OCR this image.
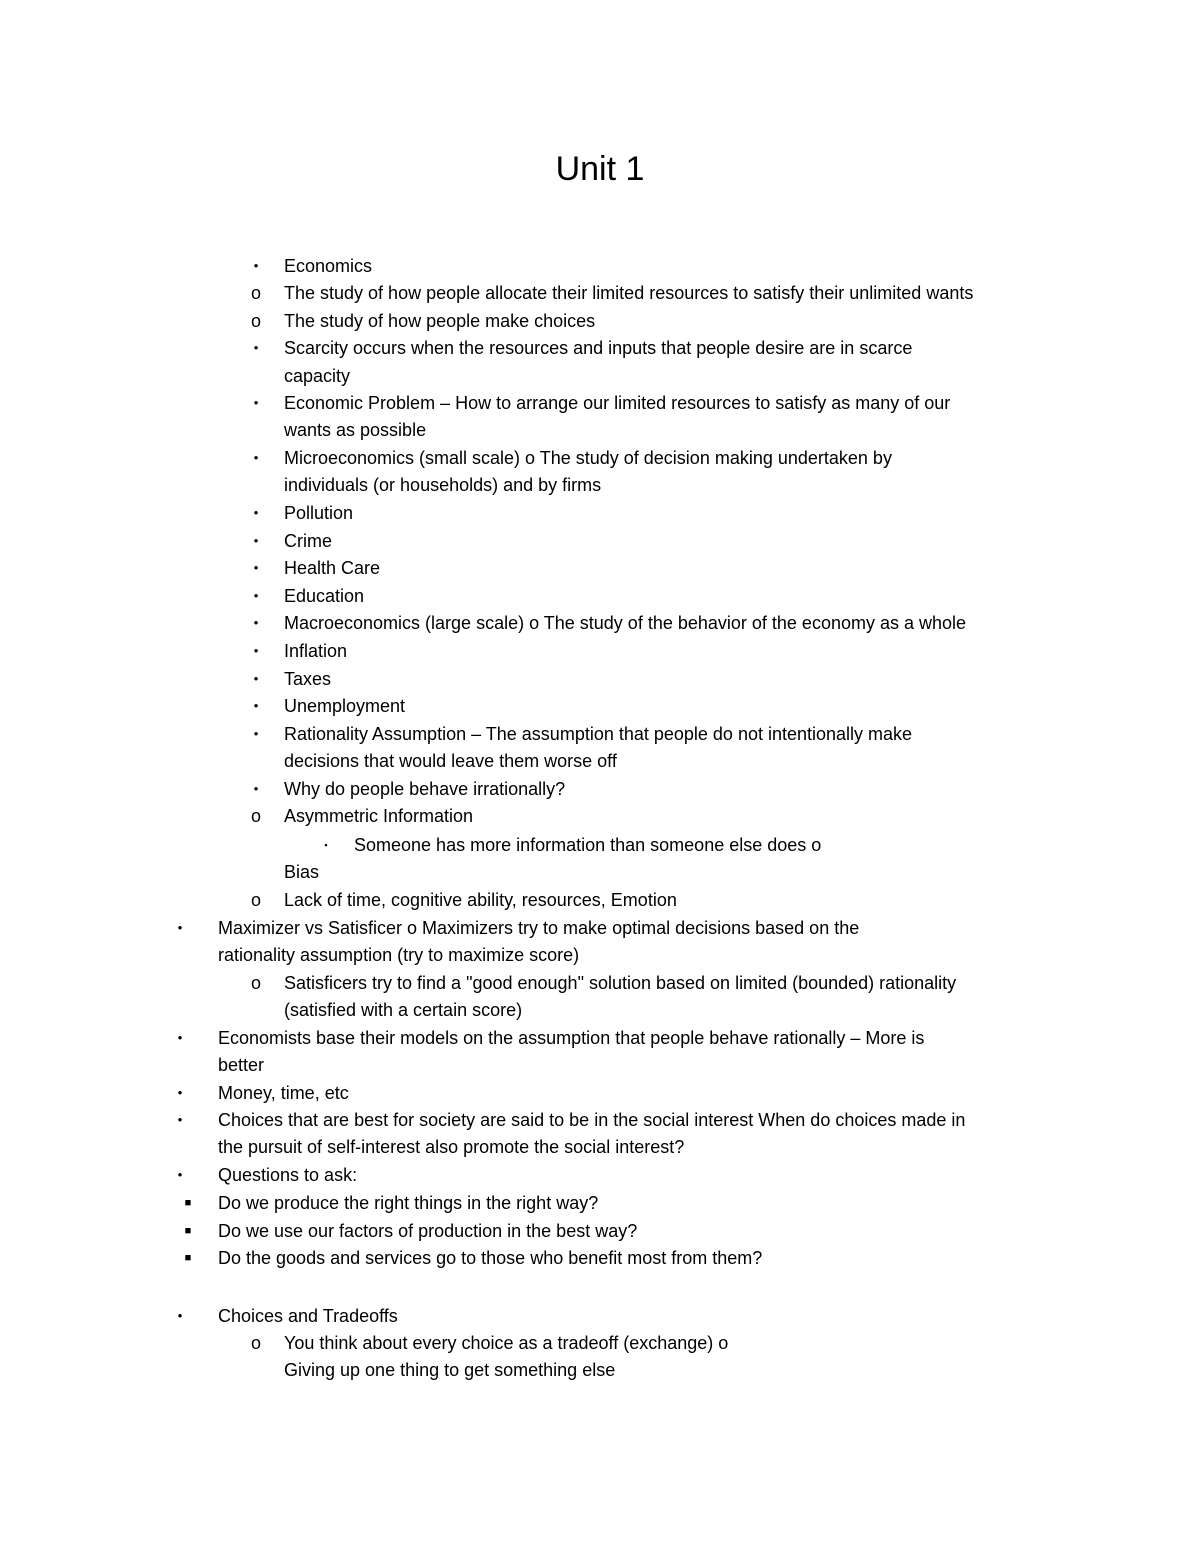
Unit 1
•	Economics
o The study of how people allocate their limited resources to satisfy their unlimited wants
o The study of how people make choices
•	Scarcity occurs when the resources and inputs that people desire are in scarce
capacity
•	Economic Problem – How to arrange our limited resources to satisfy as many of our
wants as possible
•	Microeconomics (small scale) o The study of decision making undertaken by
individuals (or households) and by firms
•	Pollution
•	Crime
•	Health Care
•	Education
•	Macroeconomics (large scale) o The study of the behavior of the economy as a whole
•	Inflation
•	Taxes
•	Unemployment
•	Rationality Assumption – The assumption that people do not intentionally make
decisions that would leave them worse off
•	Why do people behave irrationally?
o Asymmetric Information
▪	Someone has more information than someone else does o
Bias
o Lack of time, cognitive ability, resources, Emotion
•	Maximizer vs Satisficer o Maximizers try to make optimal decisions based on the
rationality assumption (try to maximize score)
o Satisficers try to find a "good enough" solution based on limited (bounded) rationality
(satisfied with a certain score)
•	Economists base their models on the assumption that people behave rationally – More is
better
•	Money, time, etc
•	Choices that are best for society are said to be in the social interest When do choices made in
the pursuit of self-interest also promote the social interest?
•	Questions to ask:
■ Do we produce the right things in the right way?
■ Do we use our factors of production in the best way?
■ Do the goods and services go to those who benefit most from them?
•	Choices and Tradeoffs
o You think about every choice as a tradeoff (exchange) o
Giving up one thing to get something else
